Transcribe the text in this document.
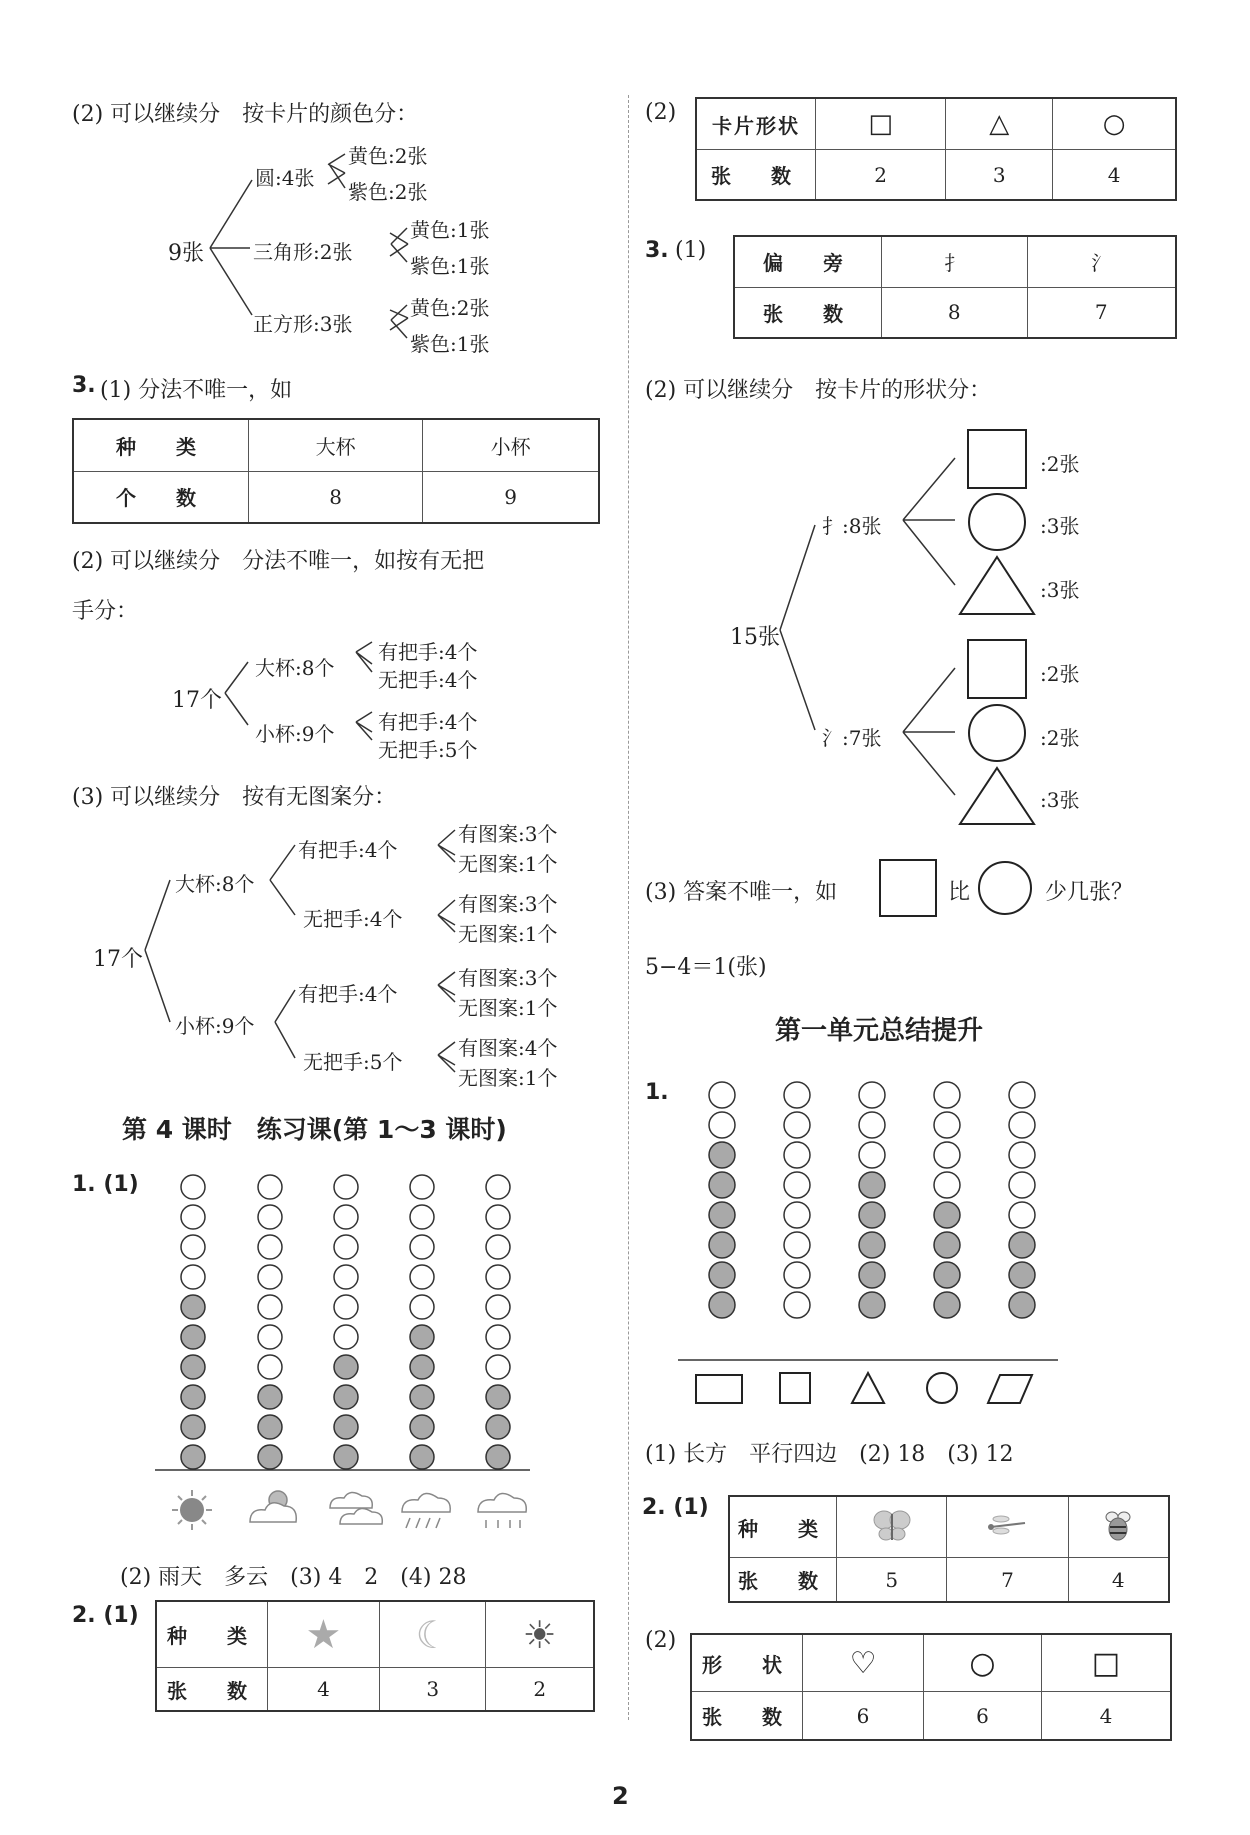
(2) 可以继续分　按卡片的颜色分：
9张
圆:4张
黄色:2张
紫色:2张
三角形:2张
黄色:1张
紫色:1张
正方形:3张
黄色:2张
紫色:1张
3. (1) 分法不唯一，如
种　类	大杯	小杯
个　数	8	9
(2) 可以继续分　分法不唯一，如按有无把
手分：
17个
大杯:8个
有把手:4个
无把手:4个
小杯:9个 有把手:4个
无把手:5个
(3) 可以继续分　按有无图案分：
17个
大杯:8个
有把手:4个
有图案:3个
无图案:1个
无把手:4个
有图案:3个
无图案:1个
小杯:9个
有把手:4个
有图案:3个
无图案:1个
无把手:5个
有图案:4个
无图案:1个
第 4 课时　练习课(第 1～3 课时)
1. (1)
(2) 雨天　多云　(3) 4　2　(4) 28
2. (1)
种　类	★	☾	☀
张　数	4	3	2
(2)
卡片形状	□	△	○
张　数	2	3	4
3. (1)
偏　旁	扌	氵
张　数	8	7
(2) 可以继续分　按卡片的形状分：
15张
扌:8张
:2张
:3张
:3张
氵:7张
:2张
:2张
:3张
(3) 答案不唯一，如	比	少几张？
5−4＝1(张)
第一单元总结提升
1.
(1) 长方　平行四边　(2) 18　(3) 12
2. (1)
种　类			
张　数	5	7	4
(2)
形　状	♡	○	□
张　数	6	6	4
2
